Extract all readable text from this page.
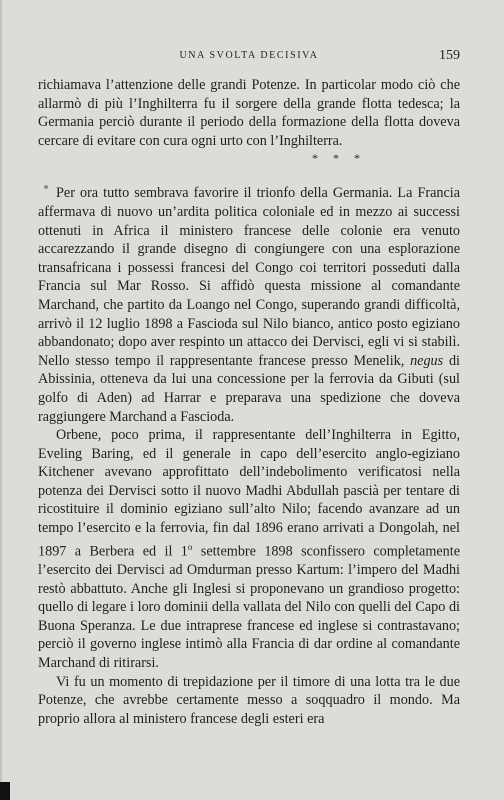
UNA SVOLTA DECISIVA	159

richiamava l’attenzione delle grandi Potenze. In particolar modo ciò che allarmò di più l’Inghilterra fu il sorgere della grande flotta tedesca; la Germania perciò durante il periodo della formazione della flotta doveva cercare di evitare con cura ogni urto con l’Inghilterra.

* * *

Per ora tutto sembrava favorire il trionfo della Germania. La Francia affermava di nuovo un’ardita politica coloniale ed in mezzo ai successi ottenuti in Africa il ministero francese delle colonie era venuto accarezzando il grande disegno di congiungere con una esplorazione transafricana i possessi francesi del Congo coi territori posseduti dalla Francia sul Mar Rosso. Si affidò questa missione al comandante Marchand, che partito da Loango nel Congo, superando grandi difficoltà, arrivò il 12 luglio 1898 a Fascioda sul Nilo bianco, antico posto egiziano abbandonato; dopo aver respinto un attacco dei Dervisci, egli vi si stabilì. Nello stesso tempo il rappresentante francese presso Menelik, negus di Abissinia, otteneva da lui una concessione per la ferrovia da Gibuti (sul golfo di Aden) ad Harrar e preparava una spedizione che doveva raggiungere Marchand a Fascioda.

Orbene, poco prima, il rappresentante dell’Inghilterra in Egitto, Eveling Baring, ed il generale in capo dell’esercito anglo-egiziano Kitchener avevano approfittato dell’indebolimento verificatosi nella potenza dei Dervisci sotto il nuovo Madhi Abdullah pascià per tentare di ricostituire il dominio egiziano sull’alto Nilo; facendo avanzare ad un tempo l’esercito e la ferrovia, fin dal 1896 erano arrivati a Dongolah, nel 1897 a Berbera ed il 1$^o$ settembre 1898 sconfissero completamente l’esercito dei Dervisci ad Omdurman presso Kartum: l’impero del Madhi restò abbattuto. Anche gli Inglesi si proponevano un grandioso progetto: quello di legare i loro dominii della vallata del Nilo con quelli del Capo di Buona Speranza. Le due intraprese francese ed inglese si contrastavano; perciò il governo inglese intimò alla Francia di dar ordine al comandante Marchand di ritirarsi.

Vi fu un momento di trepidazione per il timore di una lotta tra le due Potenze, che avrebbe certamente messo a soqquadro il mondo. Ma proprio allora al ministero francese degli esteri era
